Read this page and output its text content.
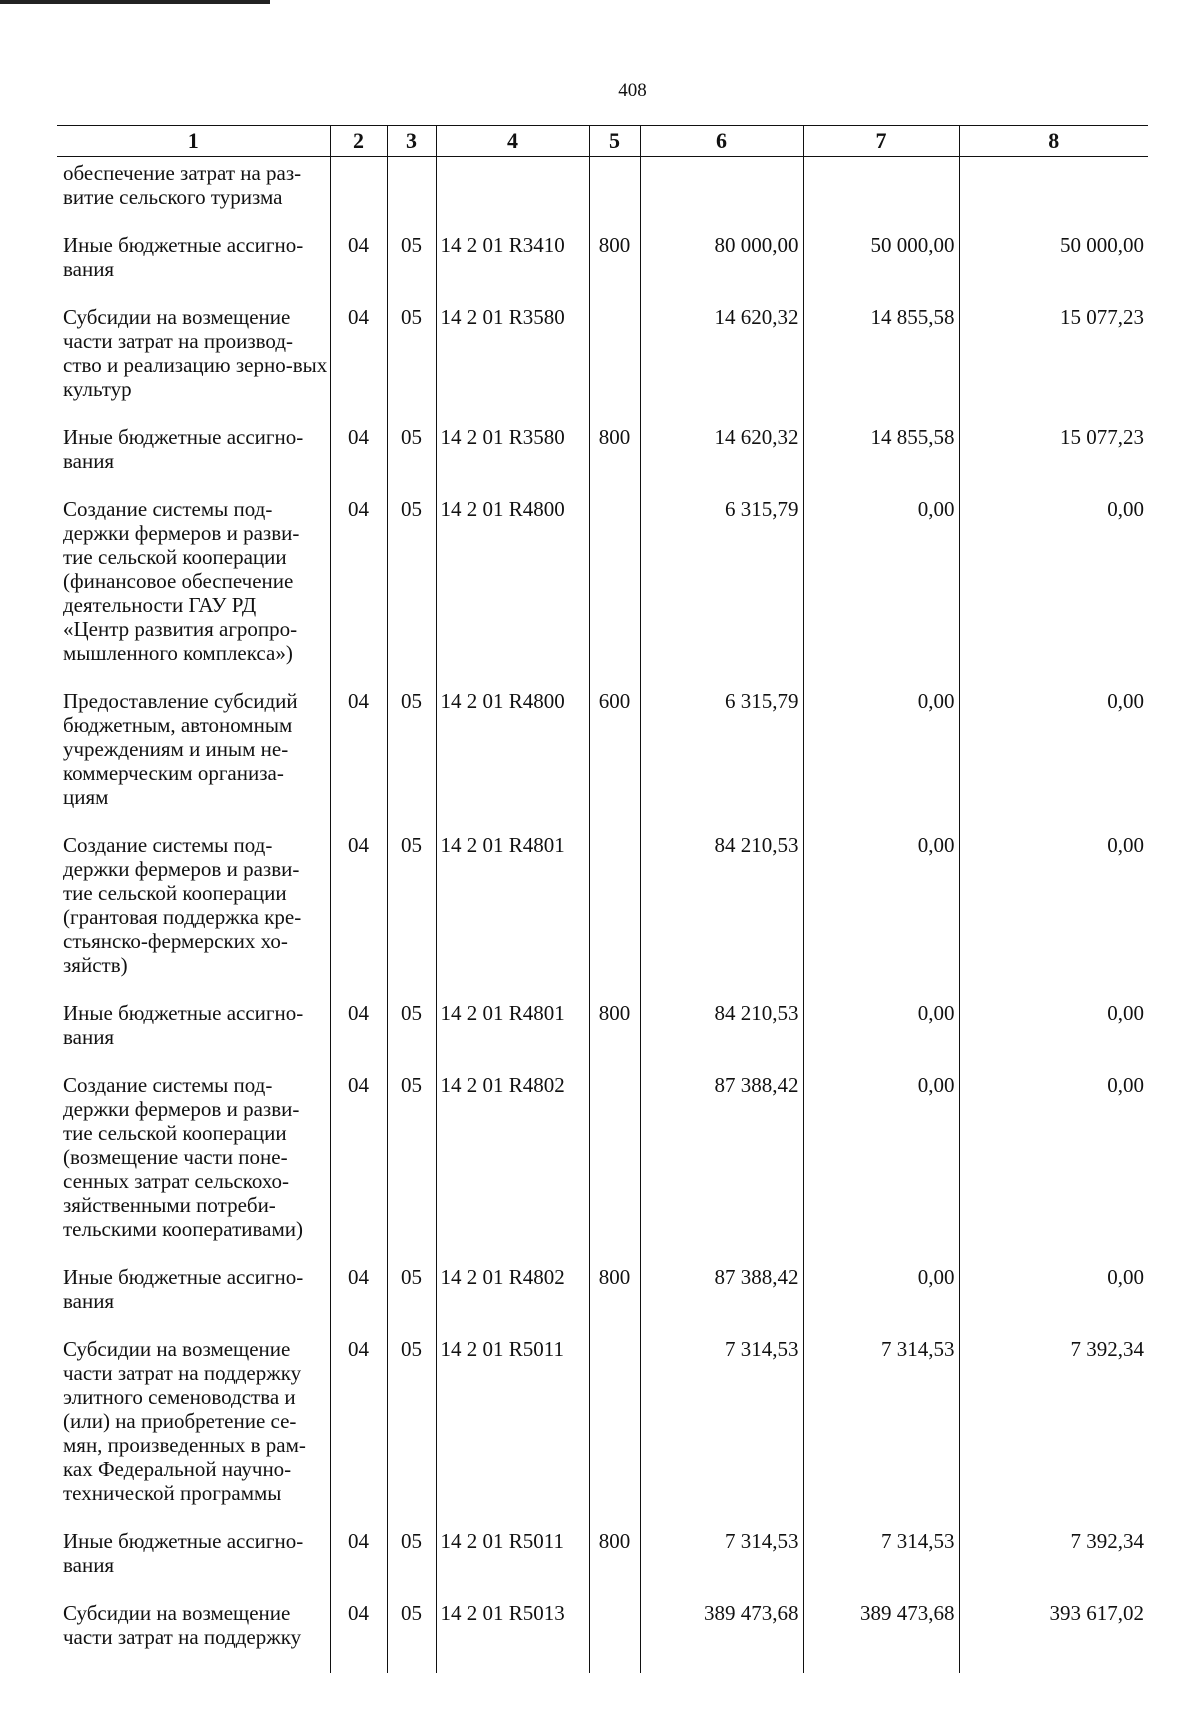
408
1	2	3	4	5	6	7	8
обеспечение затрат на раз-витие сельского туризма							
Иные бюджетные ассигно-вания	04	05	14 2 01 R3410	800	80 000,00	50 000,00	50 000,00
Субсидии на возмещение части затрат на производ-ство и реализацию зерно-вых культур	04	05	14 2 01 R3580		14 620,32	14 855,58	15 077,23
Иные бюджетные ассигно-вания	04	05	14 2 01 R3580	800	14 620,32	14 855,58	15 077,23
Создание системы под-держки фермеров и разви-тие сельской кооперации (финансовое обеспечение деятельности ГАУ РД «Центр развития агропро-мышленного комплекса»)	04	05	14 2 01 R4800		6 315,79	0,00	0,00
Предоставление субсидий бюджетным, автономным учреждениям и иным не-коммерческим организа-циям	04	05	14 2 01 R4800	600	6 315,79	0,00	0,00
Создание системы под-держки фермеров и разви-тие сельской кооперации (грантовая поддержка кре-стьянско-фермерских хо-зяйств)	04	05	14 2 01 R4801		84 210,53	0,00	0,00
Иные бюджетные ассигно-вания	04	05	14 2 01 R4801	800	84 210,53	0,00	0,00
Создание системы под-держки фермеров и разви-тие сельской кооперации (возмещение части поне-сенных затрат сельскохо-зяйственными потреби-тельскими кооперативами)	04	05	14 2 01 R4802		87 388,42	0,00	0,00
Иные бюджетные ассигно-вания	04	05	14 2 01 R4802	800	87 388,42	0,00	0,00
Субсидии на возмещение части затрат на поддержку элитного семеноводства и (или) на приобретение се-мян, произведенных в рам-ках Федеральной научно-технической программы	04	05	14 2 01 R5011		7 314,53	7 314,53	7 392,34
Иные бюджетные ассигно-вания	04	05	14 2 01 R5011	800	7 314,53	7 314,53	7 392,34
Субсидии на возмещение части затрат на поддержку	04	05	14 2 01 R5013		389 473,68	389 473,68	393 617,02
